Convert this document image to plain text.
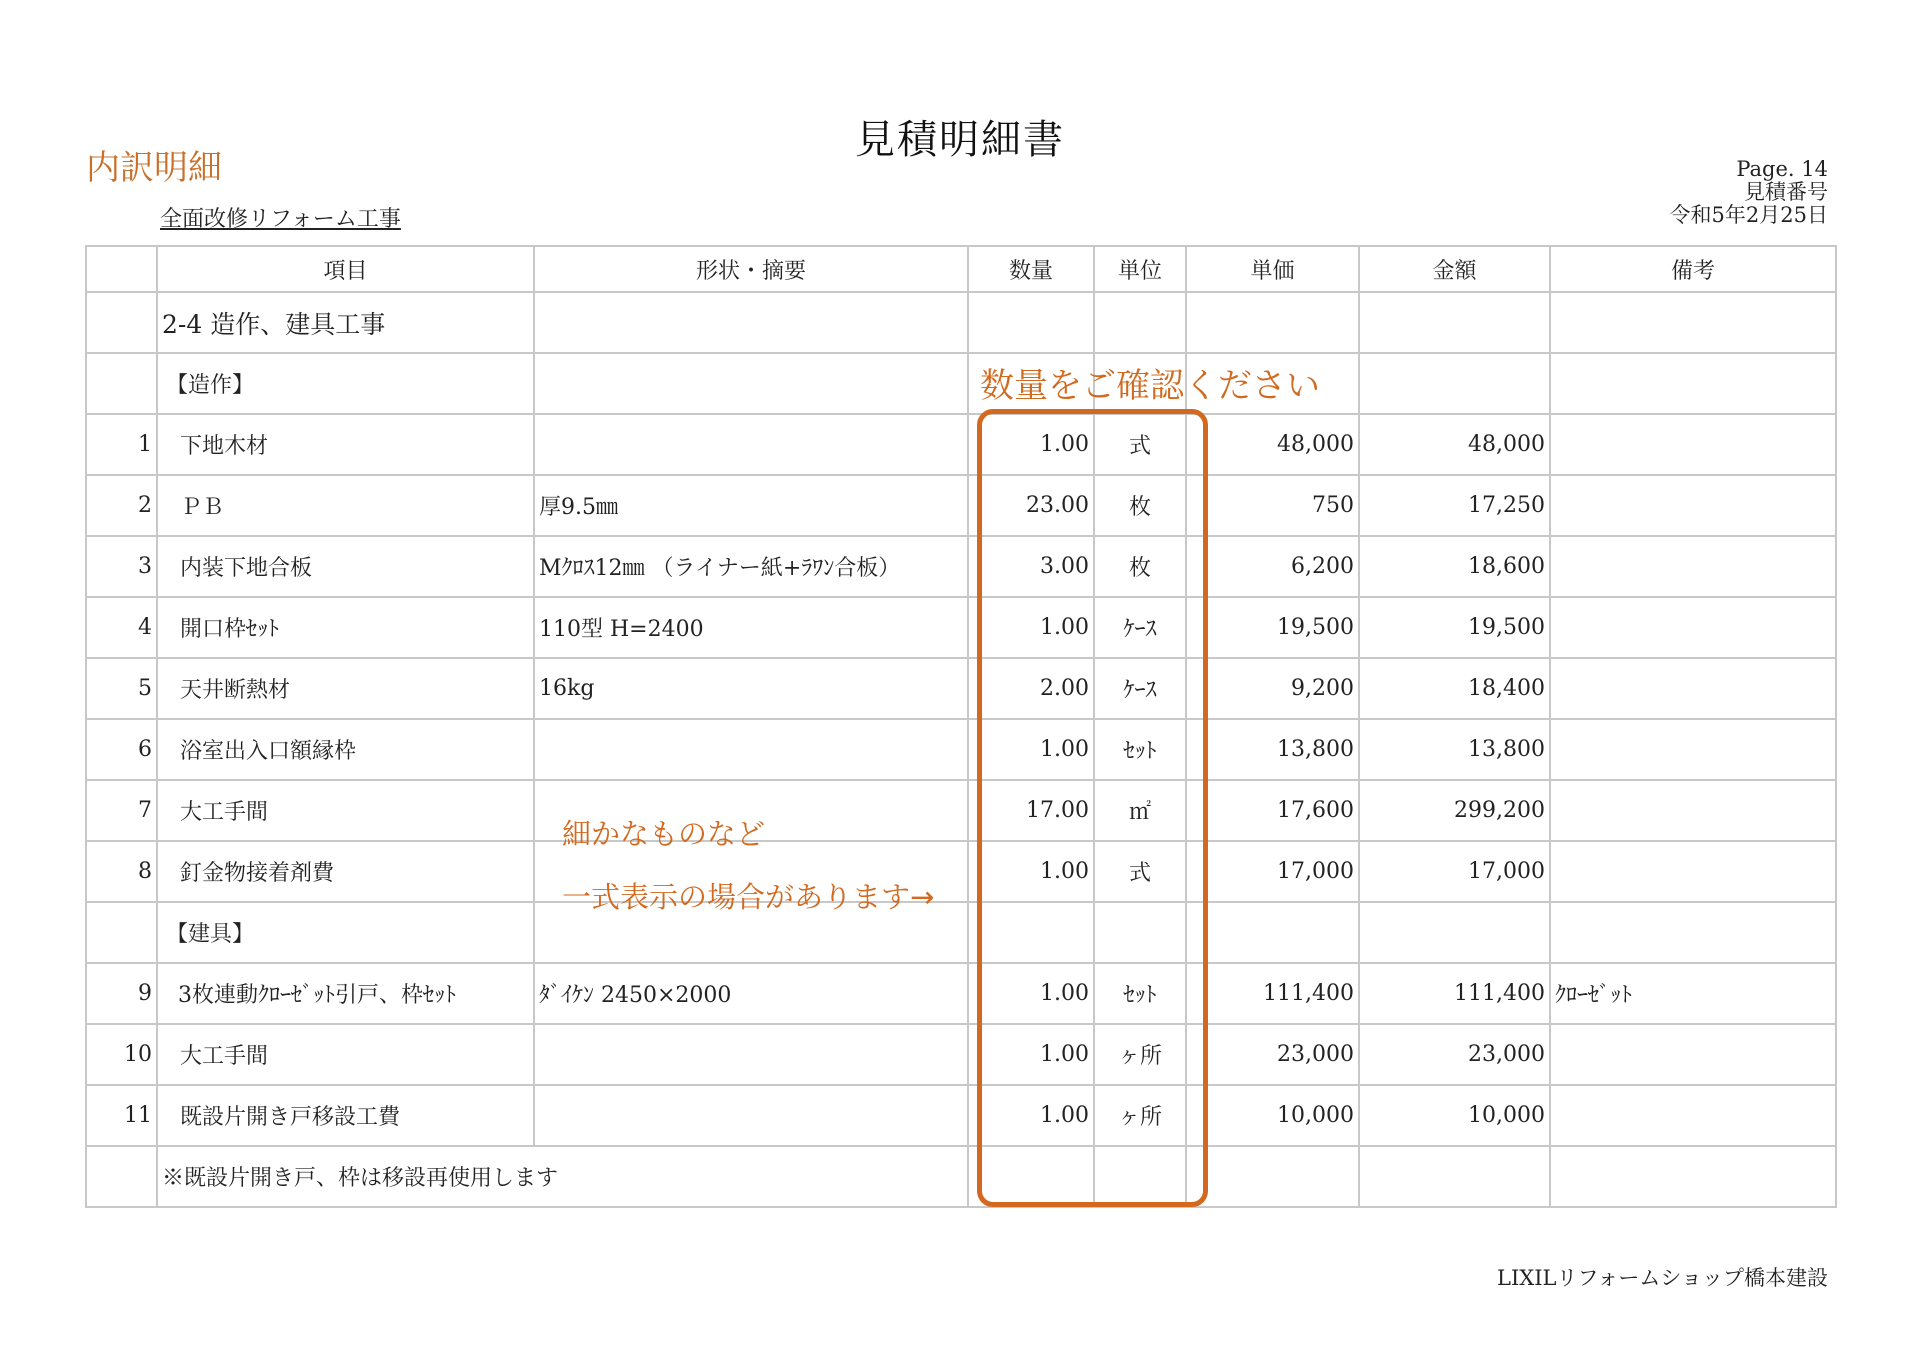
見積明細書
内訳明細
全面改修リフォーム工事
Page. 14
見積番号
令和5年2月25日
	項目	形状・摘要	数量	単位	単価	金額	備考
	2-4 造作、建具工事						
	【造作】						
1	下地木材		1.00	式	48,000	48,000	
2	ＰＢ	厚9.5㎜	23.00	枚	750	17,250	
3	内装下地合板	Mｸﾛｽ12㎜ （ライナー紙+ﾗﾜﾝ合板）	3.00	枚	6,200	18,600	
4	開口枠ｾｯﾄ	110型 H=2400	1.00	ｹｰｽ	19,500	19,500	
5	天井断熱材	16kg	2.00	ｹｰｽ	9,200	18,400	
6	浴室出入口額縁枠		1.00	ｾｯﾄ	13,800	13,800	
7	大工手間		17.00	㎡	17,600	299,200	
8	釘金物接着剤費		1.00	式	17,000	17,000	
	【建具】						
9	3枚連動ｸﾛｰｾﾞｯﾄ引戸、枠ｾｯﾄ	ﾀﾞｲｹﾝ 2450×2000	1.00	ｾｯﾄ	111,400	111,400	ｸﾛｰｾﾞｯﾄ
10	大工手間		1.00	ヶ所	23,000	23,000	
11	既設片開き戸移設工費		1.00	ヶ所	10,000	10,000	
	※既設片開き戸、枠は移設再使用します						
数量をご確認ください
細かなものなど
一式表示の場合があります→
LIXILリフォームショップ橋本建設
